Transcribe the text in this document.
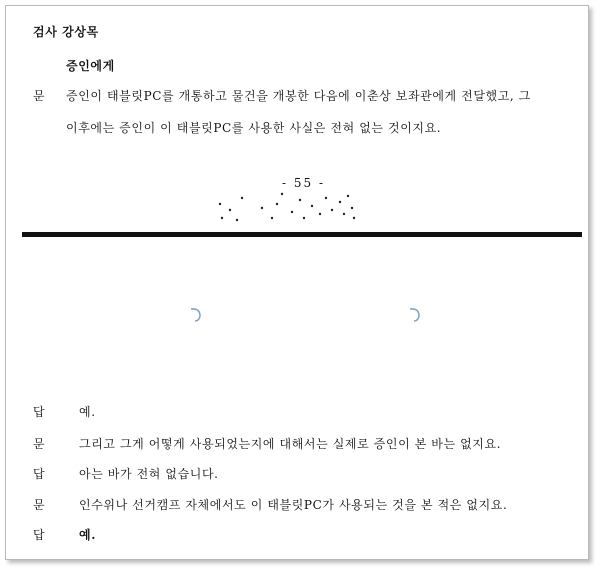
검사 강상목
증인에게
문 증인이 태블릿PC를 개통하고 물건을 개봉한 다음에 이춘상 보좌관에게 전달했고, 그
이후에는 증인이 이 태블릿PC를 사용한 사실은 전혀 없는 것이지요.
- 55 -
답	예.
문	그리고 그게 어떻게 사용되었는지에 대해서는 실제로 증인이 본 바는 없지요.
답	아는 바가 전혀 없습니다.
문	인수위나 선거캠프 자체에서도 이 태블릿PC가 사용되는 것을 본 적은 없지요.
답	예.
